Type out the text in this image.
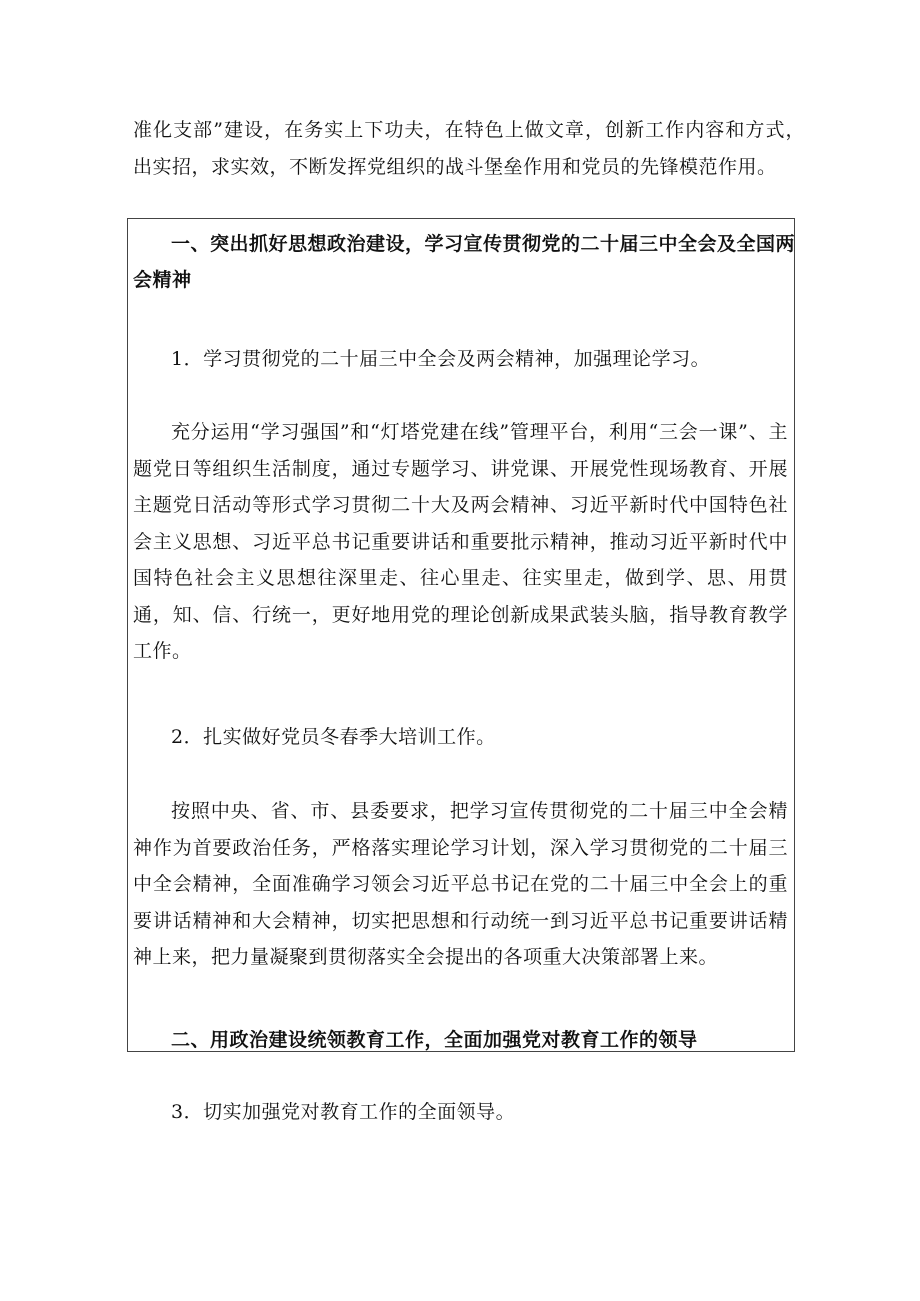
准化支部”建设，在务实上下功夫，在特色上做文章，创新工作内容和方式，出实招，求实效，不断发挥党组织的战斗堡垒作用和党员的先锋模范作用。

一、突出抓好思想政治建设，学习宣传贯彻党的二十届三中全会及全国两会精神

1．学习贯彻党的二十届三中全会及两会精神，加强理论学习。

充分运用“学习强国”和“灯塔党建在线”管理平台，利用“三会一课”、主题党日等组织生活制度，通过专题学习、讲党课、开展党性现场教育、开展主题党日活动等形式学习贯彻二十大及两会精神、习近平新时代中国特色社会主义思想、习近平总书记重要讲话和重要批示精神，推动习近平新时代中国特色社会主义思想往深里走、往心里走、往实里走，做到学、思、用贯通，知、信、行统一，更好地用党的理论创新成果武装头脑，指导教育教学工作。

2．扎实做好党员冬春季大培训工作。

按照中央、省、市、县委要求，把学习宣传贯彻党的二十届三中全会精神作为首要政治任务，严格落实理论学习计划，深入学习贯彻党的二十届三中全会精神，全面准确学习领会习近平总书记在党的二十届三中全会上的重要讲话精神和大会精神，切实把思想和行动统一到习近平总书记重要讲话精神上来，把力量凝聚到贯彻落实全会提出的各项重大决策部署上来。

二、用政治建设统领教育工作，全面加强党对教育工作的领导

3．切实加强党对教育工作的全面领导。
